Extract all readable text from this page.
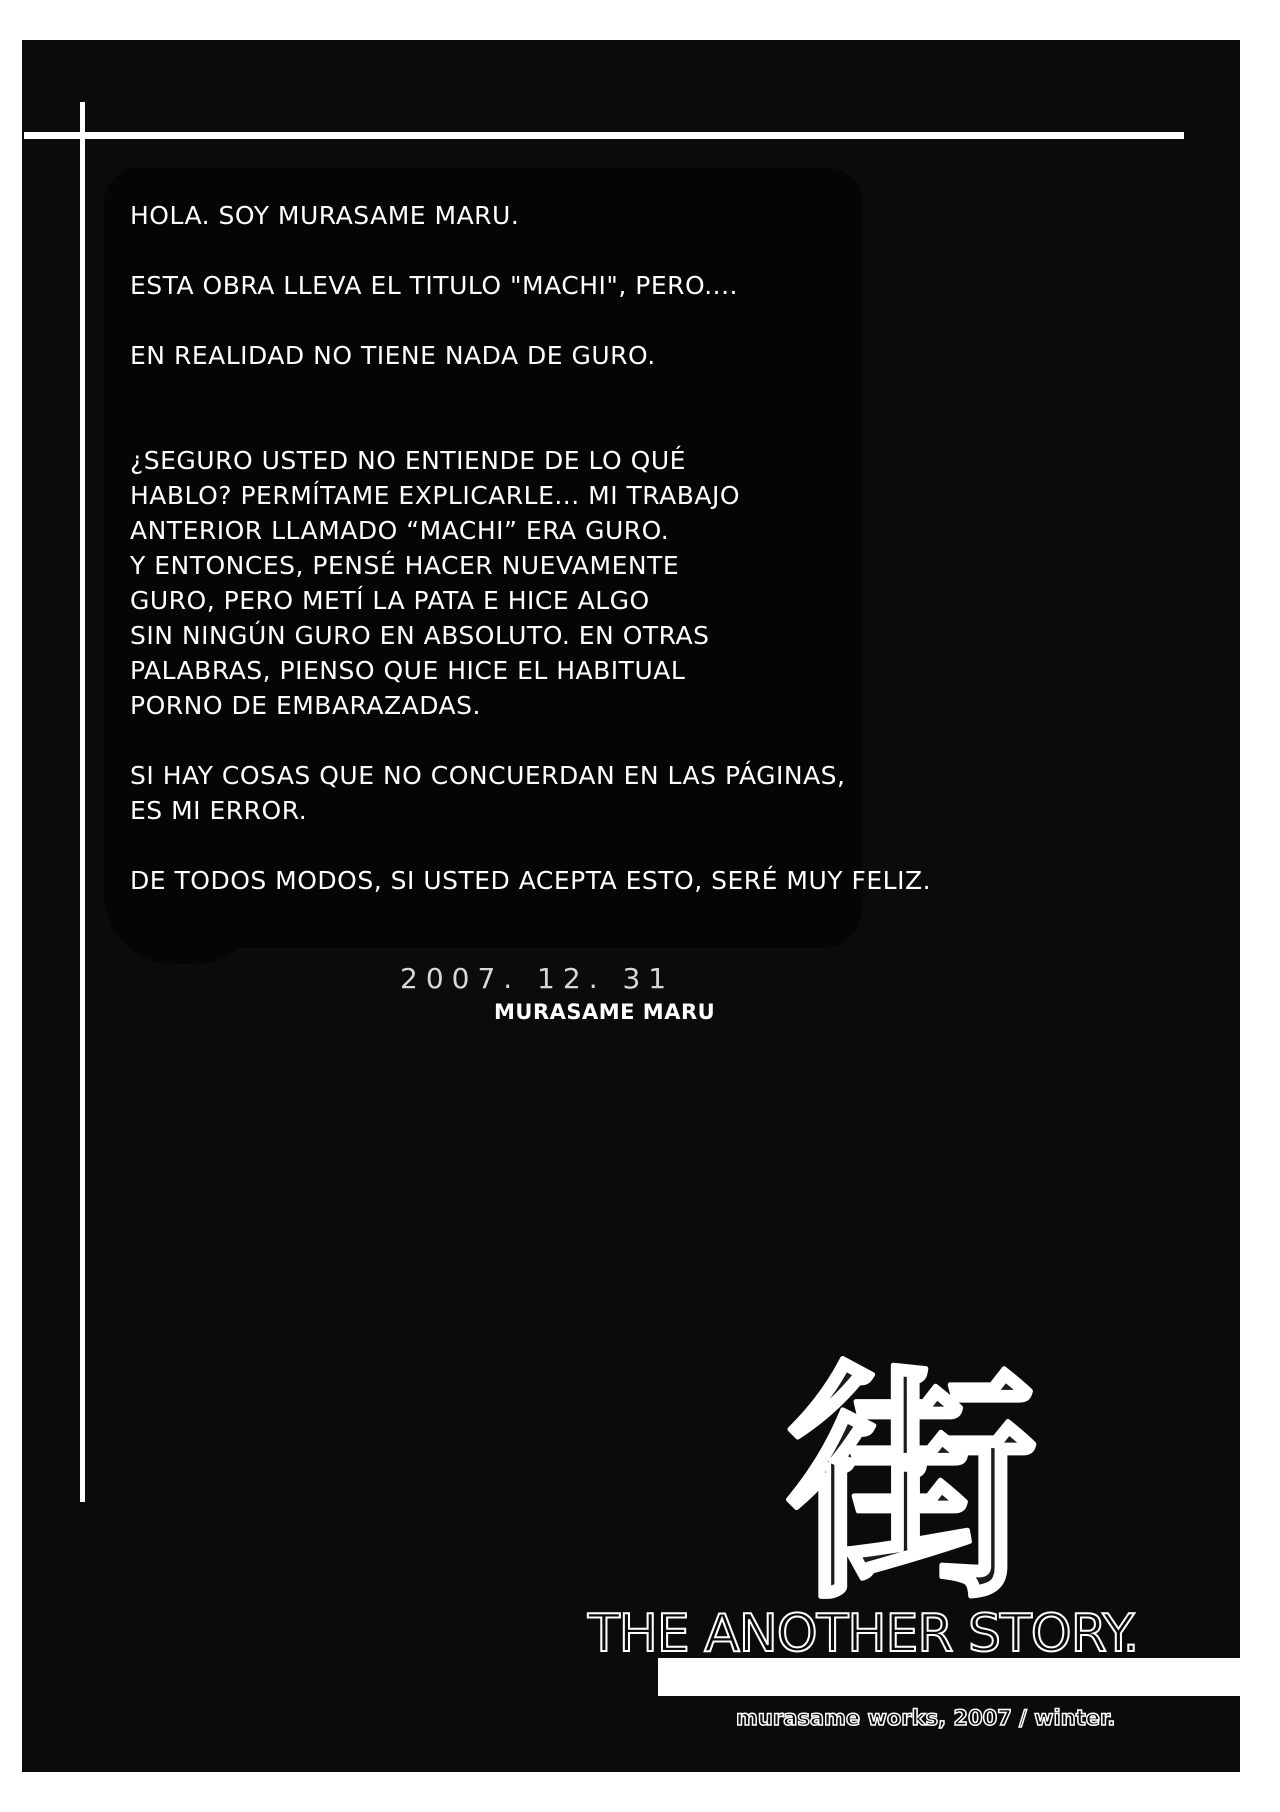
HOLA. SOY MURASAME MARU.

ESTA OBRA LLEVA EL TITULO "MACHI", PERO....

EN REALIDAD NO TIENE NADA DE GURO.

¿SEGURO USTED NO ENTIENDE DE LO QUÉ
HABLO? PERMÍTAME EXPLICARLE... MI TRABAJO
ANTERIOR LLAMADO “MACHI” ERA GURO.
Y ENTONCES, PENSÉ HACER NUEVAMENTE
GURO, PERO METÍ LA PATA E HICE ALGO
SIN NINGÚN GURO EN ABSOLUTO. EN OTRAS
PALABRAS, PIENSO QUE HICE EL HABITUAL
PORNO DE EMBARAZADAS.

SI HAY COSAS QUE NO CONCUERDAN EN LAS PÁGINAS,
ES MI ERROR.

DE TODOS MODOS, SI USTED ACEPTA ESTO, SERÉ MUY FELIZ.

2007. 12. 31
MURASAME MARU
街
THE ANOTHER STORY.
murasame works, 2007 / winter.
